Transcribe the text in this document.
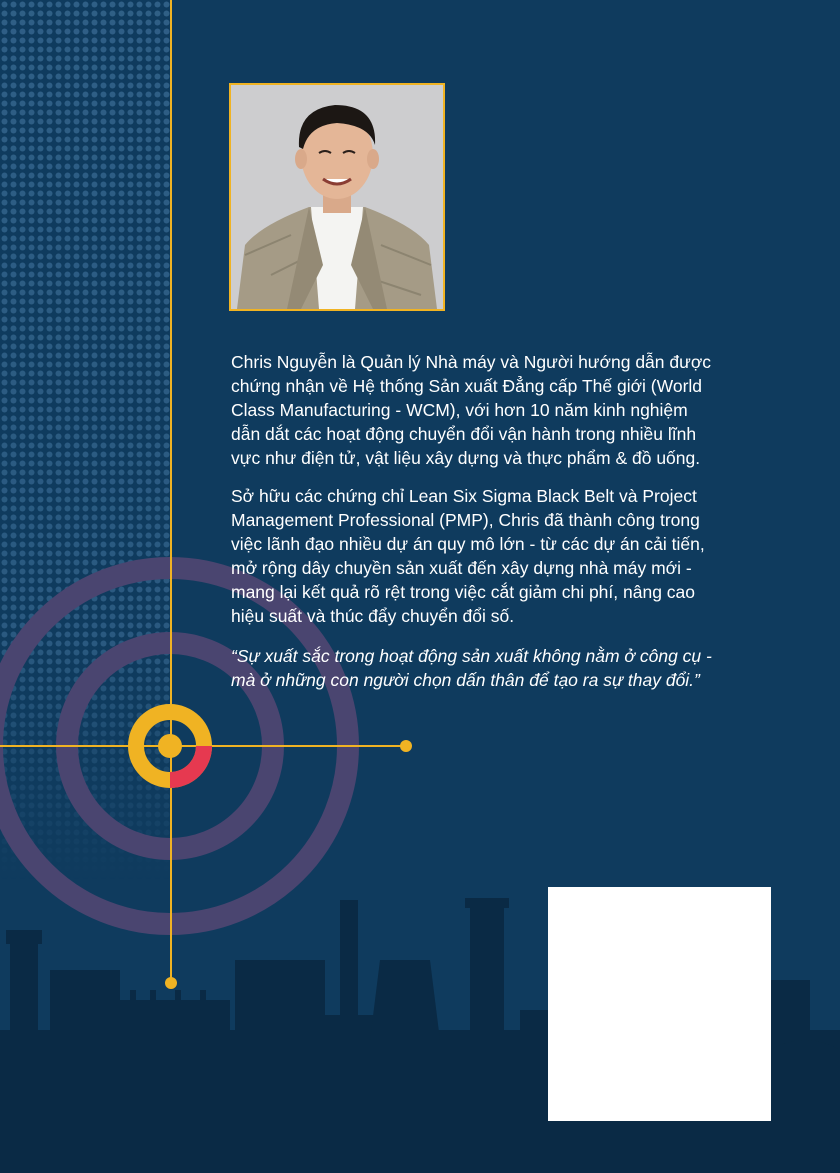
Chris Nguyễn là Quản lý Nhà máy và Người hướng dẫn được chứng nhận về Hệ thống Sản xuất Đẳng cấp Thế giới (World Class Manufacturing - WCM), với hơn 10 năm kinh nghiệm dẫn dắt các hoạt động chuyển đổi vận hành trong nhiều lĩnh vực như điện tử, vật liệu xây dựng và thực phẩm & đồ uống.

Sở hữu các chứng chỉ Lean Six Sigma Black Belt và Project Management Professional (PMP), Chris đã thành công trong việc lãnh đạo nhiều dự án quy mô lớn - từ các dự án cải tiến, mở rộng dây chuyền sản xuất đến xây dựng nhà máy mới - mang lại kết quả rõ rệt trong việc cắt giảm chi phí, nâng cao hiệu suất và thúc đẩy chuyển đổi số.

“Sự xuất sắc trong hoạt động sản xuất không nằm ở công cụ - mà ở những con người chọn dấn thân để tạo ra sự thay đổi.”
